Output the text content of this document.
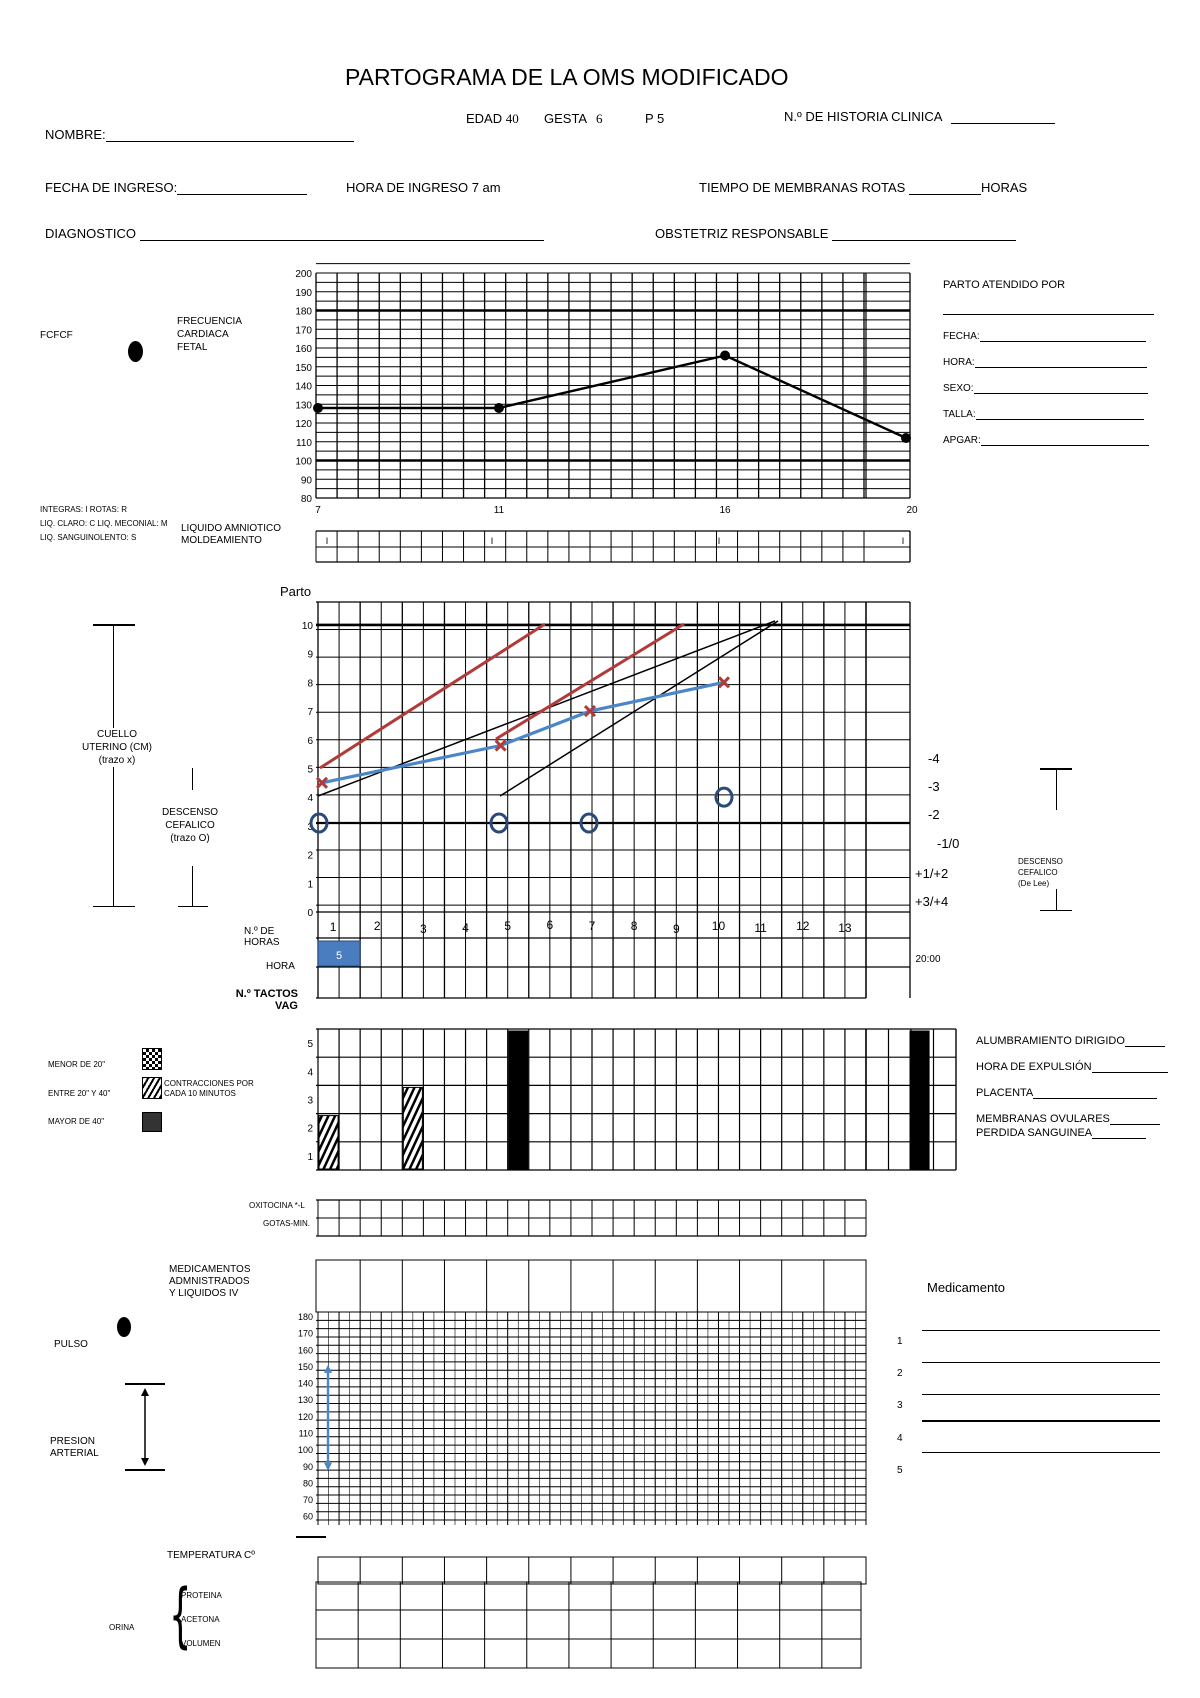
PARTOGRAMA DE LA OMS MODIFICADO
EDAD 40 GESTA 6	P 5	N.º DE HISTORIA CLINICA
NOMBRE:
FECHA DE INGRESO:	HORA DE INGRESO 7 am	TIEMPO DE MEMBRANAS ROTAS	HORAS
DIAGNOSTICO	OBSTETRIZ RESPONSABLE
FCFCF
FRECUENCIA
CARDIACA
FETAL
INTEGRAS: I ROTAS: R
LIQ. CLARO: C LIQ. MECONIAL: M
LIQ. SANGUINOLENTO: S
LIQUIDO AMNIOTICO
MOLDEAMIENTO
PARTO ATENDIDO POR
FECHA:
HORA:
SEXO:
TALLA:
APGAR:
Parto
CUELLO
UTERINO (CM)
(trazo x)
DESCENSO
CEFALICO
(trazo O)
-4
-3
-2
-1/0
+1/+2
+3/+4
DESCENSO
CEFALICO
(De Lee)
N.º DE
HORAS
HORA
N.º TACTOS
VAG
MENOR DE 20"
ENTRE 20" Y 40"
CONTRACCIONES POR
CADA 10 MINUTOS
MAYOR DE 40"
ALUMBRAMIENTO DIRIGIDO
HORA DE EXPULSIÓN
PLACENTA
MEMBRANAS OVULARES
PERDIDA SANGUINEA
OXITOCINA *-L
GOTAS-MIN.
MEDICAMENTOS
ADMNISTRADOS
Y LIQUIDOS IV	Medicamento
1
2
3
4
5
PULSO
PRESION
ARTERIAL
TEMPERATURA Cº
ORINA {
PROTEINA
ACETONA
VOLUMEN
200
190
180
170
160
150
140
130
120
110
100
90
80
7	11	16	20
I	I	I	I
10
9
8
7
6
5
4
3
2
1
0
1	2	3	4	5	6	7	8	9	10 11 12 13
5	20:00
5
4
3
2
1
180
170
160
150
140
130
120
110
100
90
80
70
60
